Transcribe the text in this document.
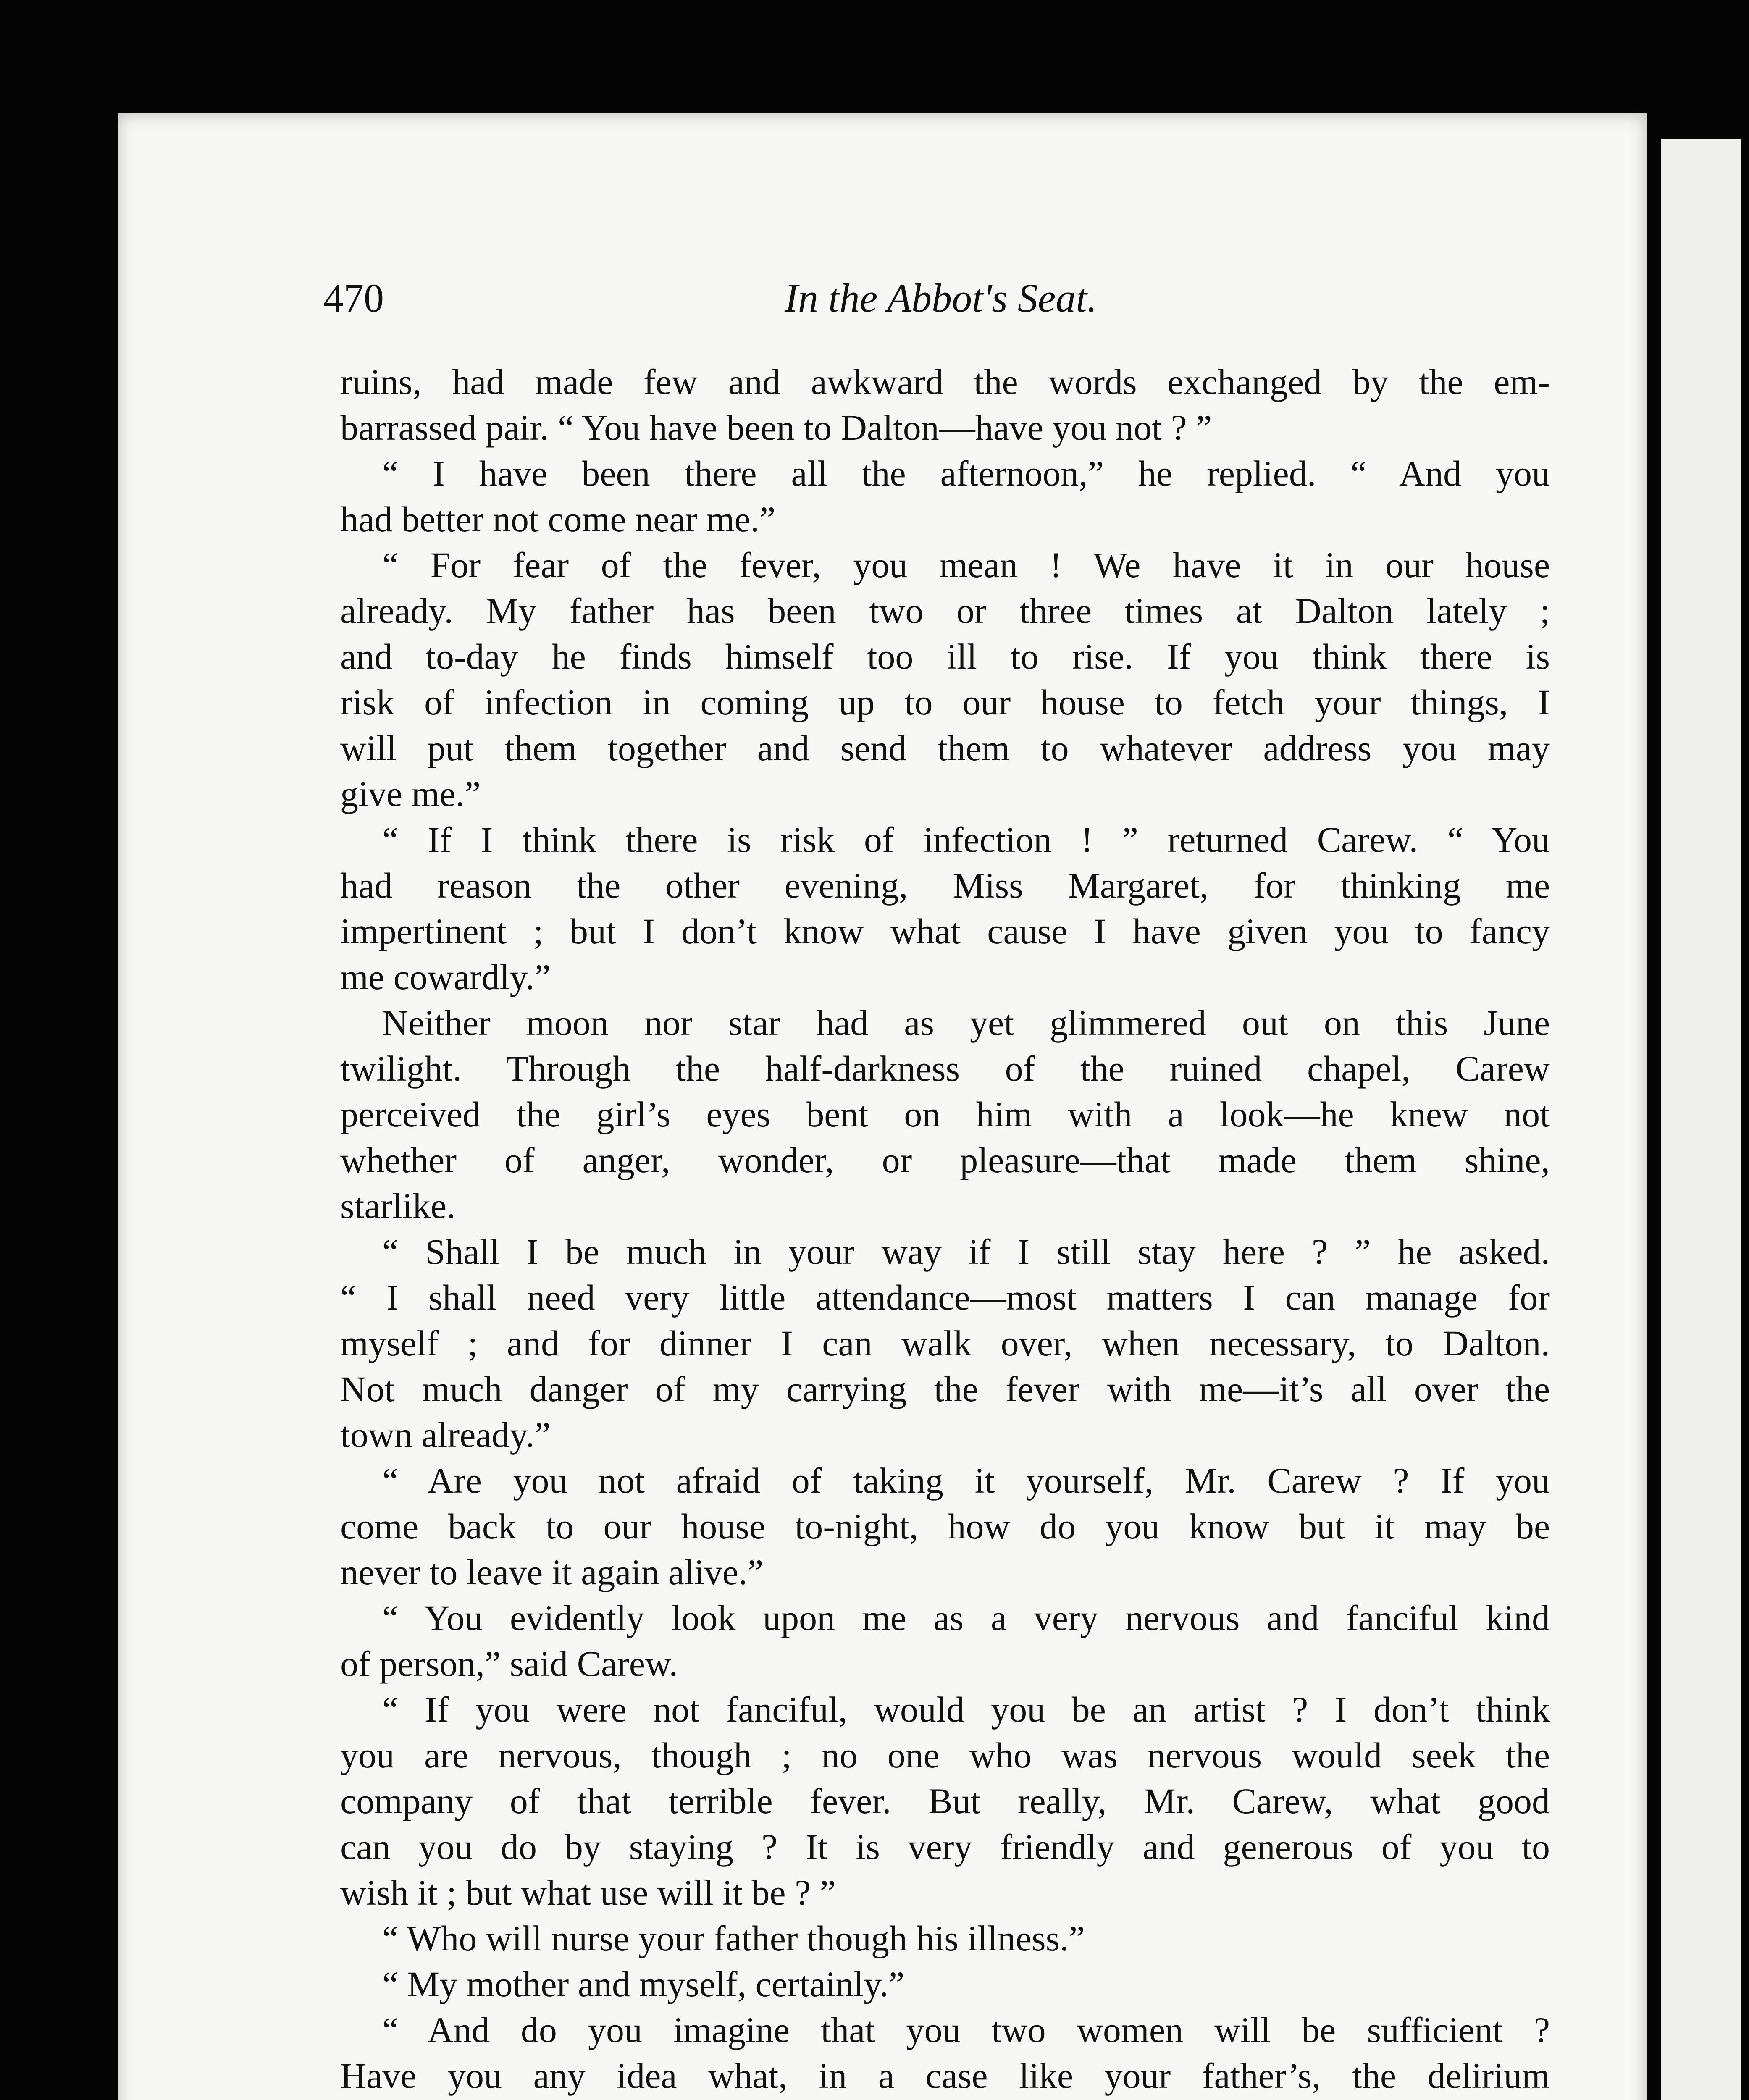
470	In the Abbot's Seat.
ruins, had made few and awkward the words exchanged by the em-
barrassed pair. “ You have been to Dalton—have you not ? ”
“ I have been there all the afternoon,” he replied. “ And you
had better not come near me.”
“ For fear of the fever, you mean ! We have it in our house
already. My father has been two or three times at Dalton lately ;
and to-day he finds himself too ill to rise. If you think there is
risk of infection in coming up to our house to fetch your things, I
will put them together and send them to whatever address you may
give me.”
“ If I think there is risk of infection ! ” returned Carew. “ You
had reason the other evening, Miss Margaret, for thinking me
impertinent ; but I don’t know what cause I have given you to fancy
me cowardly.”
Neither moon nor star had as yet glimmered out on this June
twilight. Through the half-darkness of the ruined chapel, Carew
perceived the girl’s eyes bent on him with a look—he knew not
whether of anger, wonder, or pleasure—that made them shine,
starlike.
“ Shall I be much in your way if I still stay here ? ” he asked.
“ I shall need very little attendance—most matters I can manage for
myself ; and for dinner I can walk over, when necessary, to Dalton.
Not much danger of my carrying the fever with me—it’s all over the
town already.”
“ Are you not afraid of taking it yourself, Mr. Carew ? If you
come back to our house to-night, how do you know but it may be
never to leave it again alive.”
“ You evidently look upon me as a very nervous and fanciful kind
of person,” said Carew.
“ If you were not fanciful, would you be an artist ? I don’t think
you are nervous, though ; no one who was nervous would seek the
company of that terrible fever. But really, Mr. Carew, what good
can you do by staying ? It is very friendly and generous of you to
wish it ; but what use will it be ? ”
“ Who will nurse your father though his illness.”
“ My mother and myself, certainly.”
“ And do you imagine that you two women will be sufficient ?
Have you any idea what, in a case like your father’s, the delirium
